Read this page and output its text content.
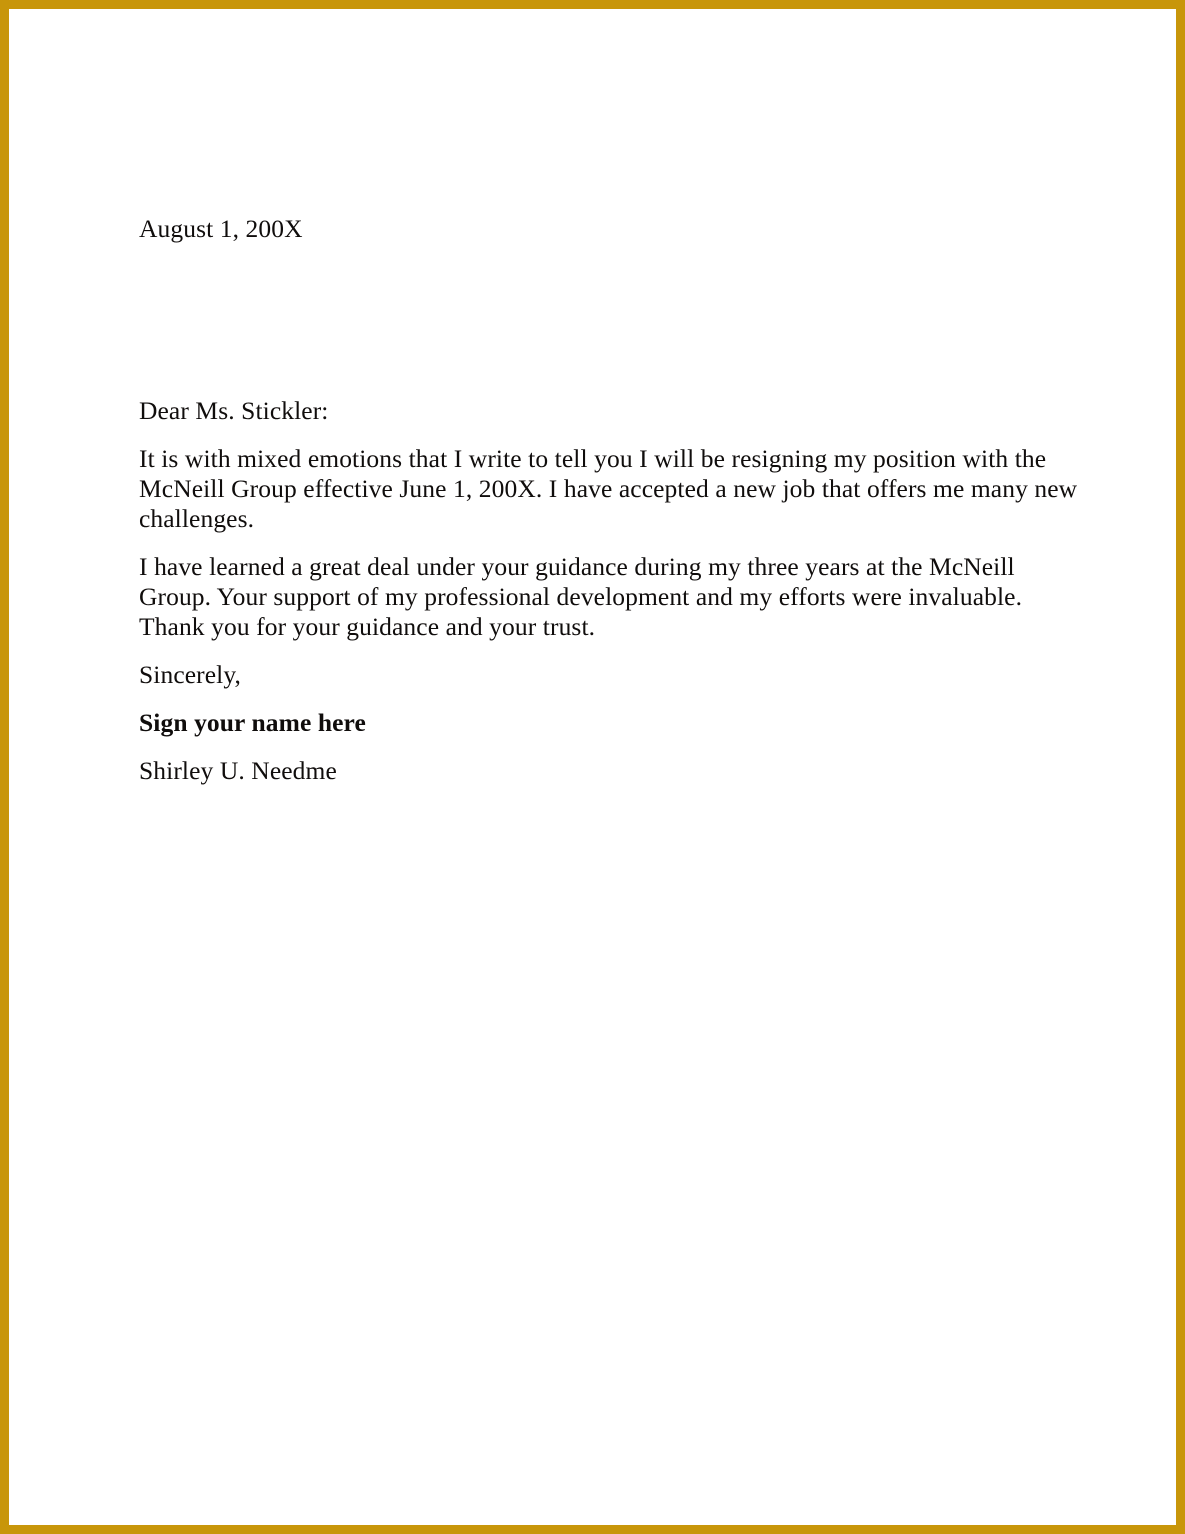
August 1, 200X

Dear Ms. Stickler:

It is with mixed emotions that I write to tell you I will be resigning my position with the McNeill Group effective June 1, 200X. I have accepted a new job that offers me many new challenges.

I have learned a great deal under your guidance during my three years at the McNeill Group. Your support of my professional development and my efforts were invaluable. Thank you for your guidance and your trust.

Sincerely,

Sign your name here

Shirley U. Needme
